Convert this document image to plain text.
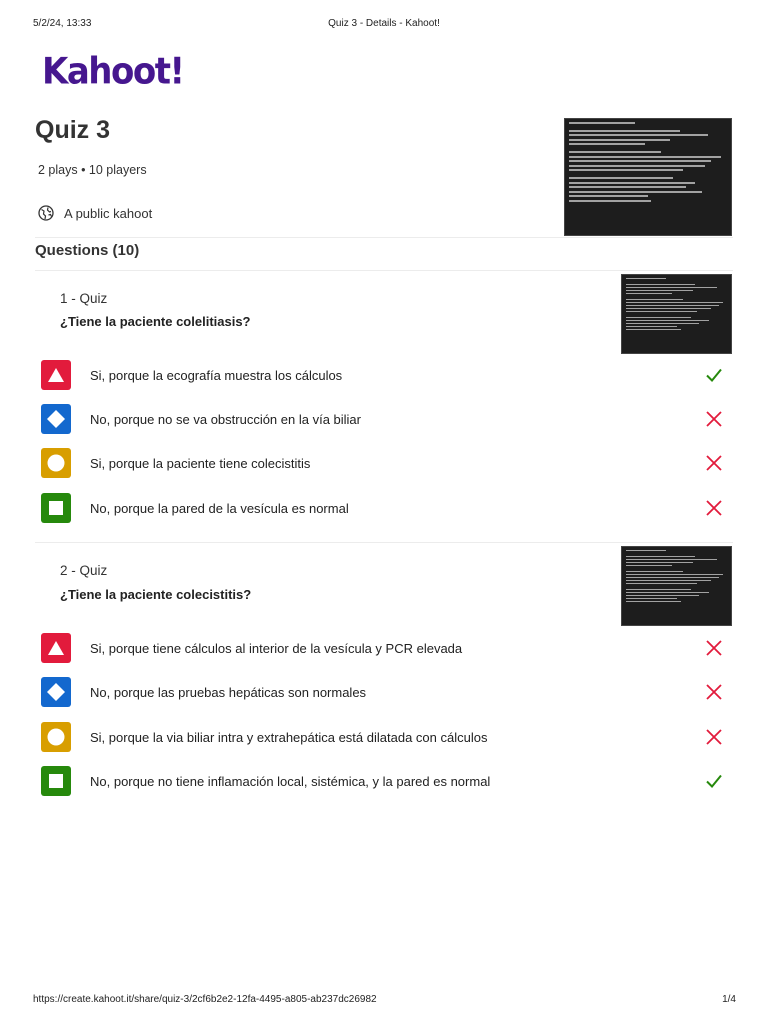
5/2/24, 13:33	Quiz 3 - Details - Kahoot!
Kahoot!
Quiz 3
2 plays • 10 players
A public kahoot
Questions (10)
1 - Quiz
¿Tiene la paciente colelitiasis?
Si, porque la ecografía muestra los cálculos
No, porque no se va obstrucción en la vía biliar
Si, porque la paciente tiene colecistitis
No, porque la pared de la vesícula es normal
2 - Quiz
¿Tiene la paciente colecistitis?
Si, porque tiene cálculos al interior de la vesícula y PCR elevada
No, porque las pruebas hepáticas son normales
Si, porque la via biliar intra y extrahepática está dilatada con cálculos
No, porque no tiene inflamación local, sistémica, y la pared es normal
https://create.kahoot.it/share/quiz-3/2cf6b2e2-12fa-4495-a805-ab237dc26982	1/4
